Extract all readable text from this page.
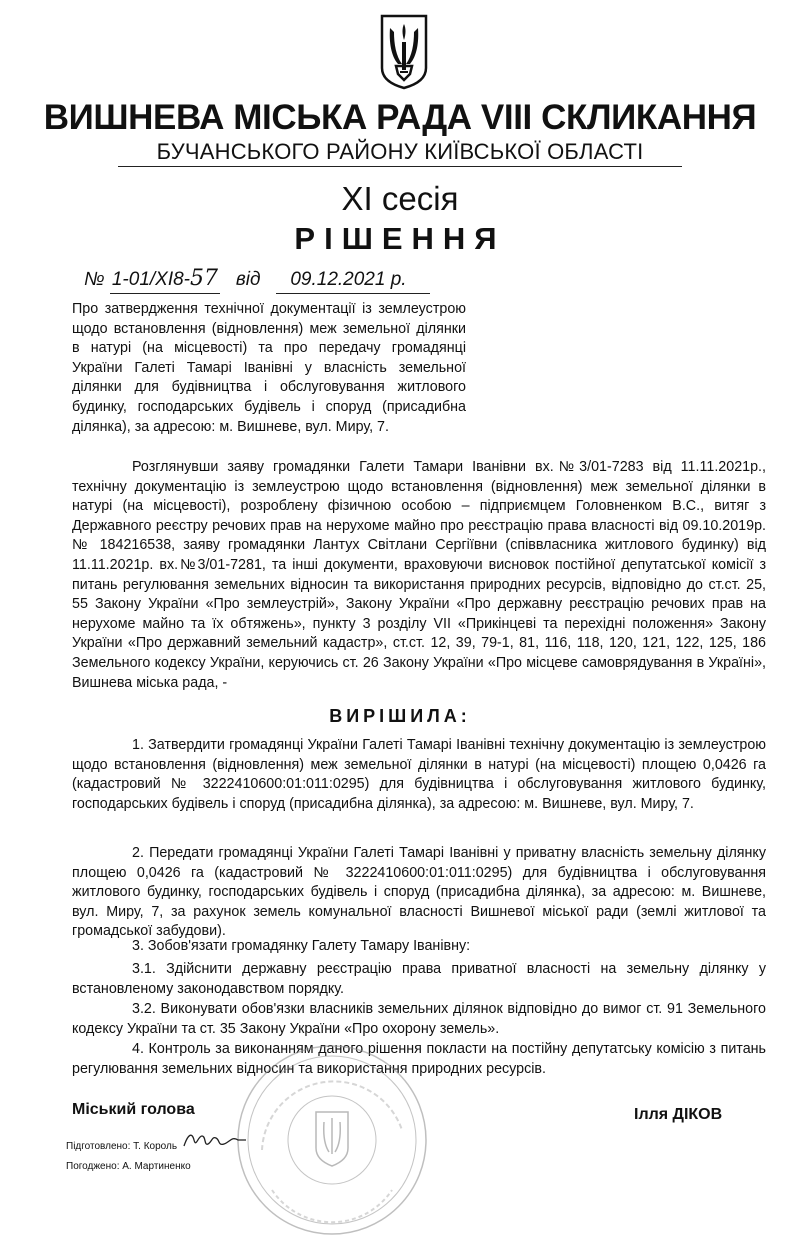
ВИШНЕВА МІСЬКА РАДА VIII СКЛИКАННЯ
БУЧАНСЬКОГО РАЙОНУ КИЇВСЬКОЇ ОБЛАСТІ
ХІ сесія
РІШЕННЯ
№ 1-01/XI8-57 від 09.12.2021 р.
Про затвердження технічної документації із землеустрою щодо встановлення (відновлення) меж земельної ділянки в натурі (на місцевості) та про передачу громадянці України Галеті Тамарі Іванівні у власність земельної ділянки для будівництва і обслуговування житлового будинку, господарських будівель і споруд (присадибна ділянка), за адресою: м. Вишневе, вул. Миру, 7.
Розглянувши заяву громадянки Галети Тамари Іванівни вх.№3/01-7283 від 11.11.2021р., технічну документацію із землеустрою щодо встановлення (відновлення) меж земельної ділянки в натурі (на місцевості), розроблену фізичною особою – підприємцем Головненком В.С., витяг з Державного реєстру речових прав на нерухоме майно про реєстрацію права власності від 09.10.2019р. № 184216538, заяву громадянки Лантух Світлани Сергіївни (співвласника житлового будинку) від 11.11.2021р. вх.№3/01-7281, та інші документи, враховуючи висновок постійної депутатської комісії з питань регулювання земельних відносин та використання природних ресурсів, відповідно до ст.ст. 25, 55 Закону України «Про землеустрій», Закону України «Про державну реєстрацію речових прав на нерухоме майно та їх обтяжень», пункту 3 розділу VII «Прикінцеві та перехідні положення» Закону України «Про державний земельний кадастр», ст.ст. 12, 39, 79-1, 81, 116, 118, 120, 121, 122, 125, 186 Земельного кодексу України, керуючись ст. 26 Закону України «Про місцеве самоврядування в Україні», Вишнева міська рада, -
ВИРІШИЛА:
1. Затвердити громадянці України Галеті Тамарі Іванівні технічну документацію із землеустрою щодо встановлення (відновлення) меж земельної ділянки в натурі (на місцевості) площею 0,0426 га (кадастровий № 3222410600:01:011:0295) для будівництва і обслуговування житлового будинку, господарських будівель і споруд (присадибна ділянка), за адресою: м. Вишневе, вул. Миру, 7.
2. Передати громадянці України Галеті Тамарі Іванівні у приватну власність земельну ділянку площею 0,0426 га (кадастровий № 3222410600:01:011:0295) для будівництва і обслуговування житлового будинку, господарських будівель і споруд (присадибна ділянка), за адресою: м. Вишневе, вул. Миру, 7, за рахунок земель комунальної власності Вишневої міської ради (землі житлової та громадської забудови).
3. Зобов'язати громадянку Галету Тамару Іванівну:
3.1. Здійснити державну реєстрацію права приватної власності на земельну ділянку у встановленому законодавством порядку.
3.2. Виконувати обов'язки власників земельних ділянок відповідно до вимог ст. 91 Земельного кодексу України та ст. 35 Закону України «Про охорону земель».
4. Контроль за виконанням даного рішення покласти на постійну депутатську комісію з питань регулювання земельних відносин та використання природних ресурсів.
Міський голова	Ілля ДІКОВ
Підготовлено: Т. Король
Погоджено: А. Мартиненко
